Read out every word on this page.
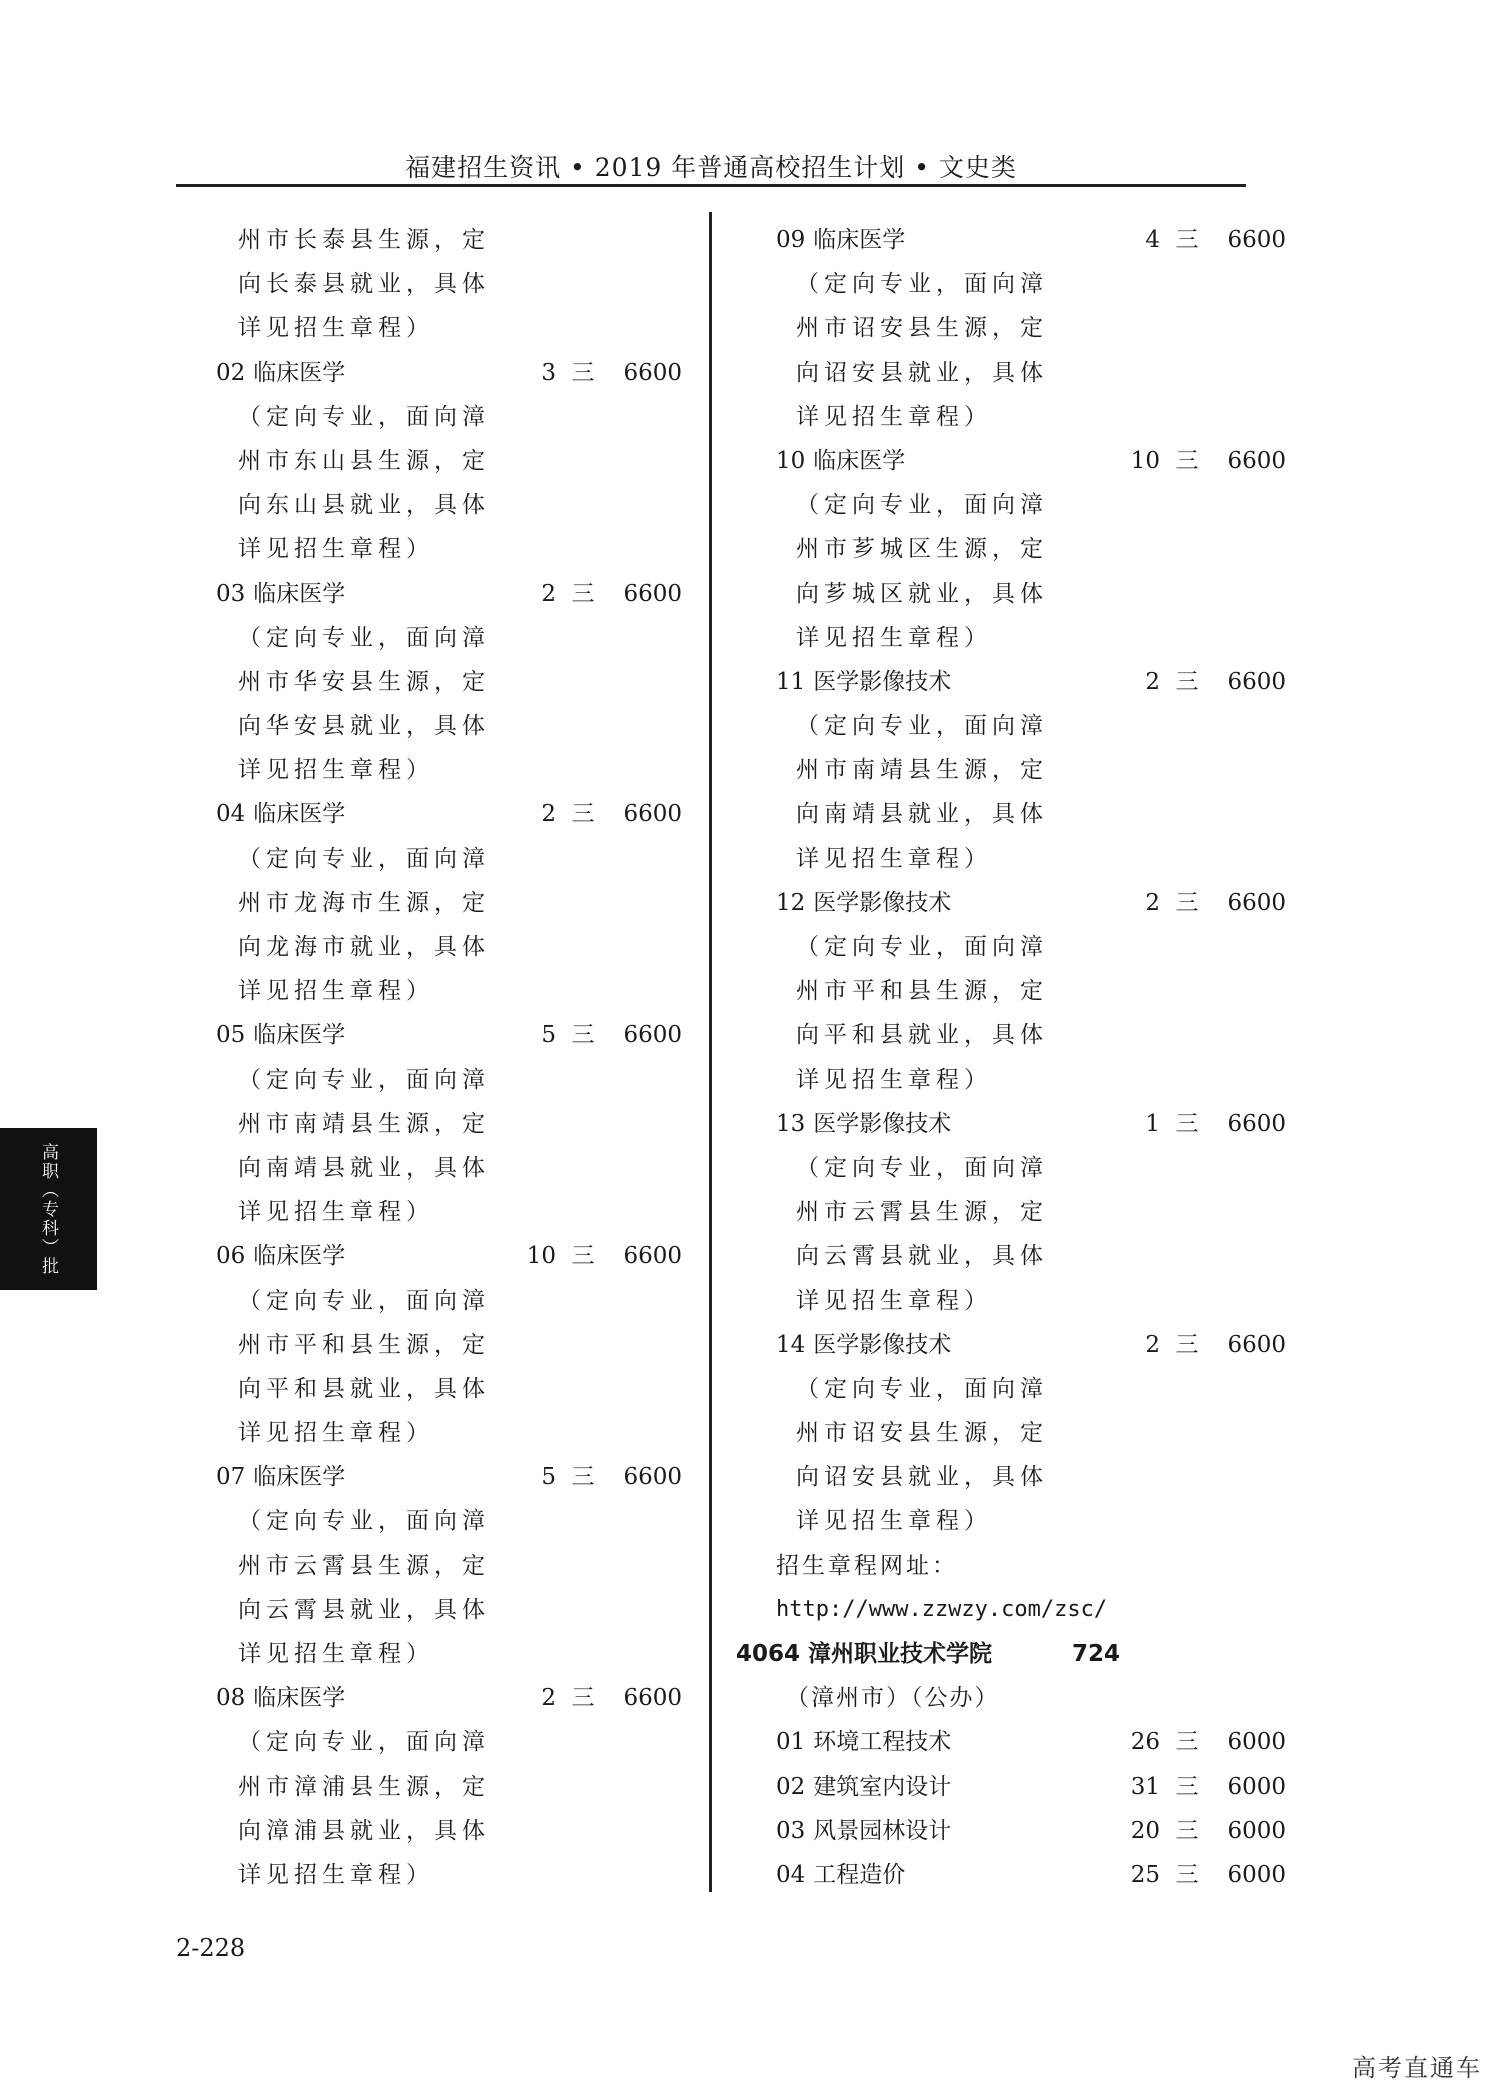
福建招生资讯 • 2019 年普通高校招生计划 • 文史类
州市长泰县生源，定
向长泰县就业，具体
详见招生章程）
02 临床医学	3 三	6600
（定向专业，面向漳
州市东山县生源，定
向东山县就业，具体
详见招生章程）
03 临床医学	2 三	6600
（定向专业，面向漳
州市华安县生源，定
向华安县就业，具体
详见招生章程）
04 临床医学	2 三	6600
（定向专业，面向漳
州市龙海市生源，定
向龙海市就业，具体
详见招生章程）
05 临床医学	5 三	6600
（定向专业，面向漳
州市南靖县生源，定
向南靖县就业，具体
详见招生章程）
06 临床医学	10 三	6600
（定向专业，面向漳
州市平和县生源，定
向平和县就业，具体
详见招生章程）
07 临床医学	5 三	6600
（定向专业，面向漳
州市云霄县生源，定
向云霄县就业，具体
详见招生章程）
08 临床医学	2 三	6600
（定向专业，面向漳
州市漳浦县生源，定
向漳浦县就业，具体
详见招生章程）
09 临床医学	4 三	6600
（定向专业，面向漳
州市诏安县生源，定
向诏安县就业，具体
详见招生章程）
10 临床医学	10 三	6600
（定向专业，面向漳
州市芗城区生源，定
向芗城区就业，具体
详见招生章程）
11 医学影像技术	2 三	6600
（定向专业，面向漳
州市南靖县生源，定
向南靖县就业，具体
详见招生章程）
12 医学影像技术	2 三	6600
（定向专业，面向漳
州市平和县生源，定
向平和县就业，具体
详见招生章程）
13 医学影像技术	1 三	6600
（定向专业，面向漳
州市云霄县生源，定
向云霄县就业，具体
详见招生章程）
14 医学影像技术	2 三	6600
（定向专业，面向漳
州市诏安县生源，定
向诏安县就业，具体
详见招生章程）
招生章程网址：
http://www.zzwzy.com/zsc/
4064 漳州职业技术学院	724
（漳州市）（公办）
01 环境工程技术	26 三	6000
02 建筑室内设计	31 三	6000
03 风景园林设计	20 三	6000
04 工程造价	25 三	6000
高职（专科）批
2-228
高考直通车
